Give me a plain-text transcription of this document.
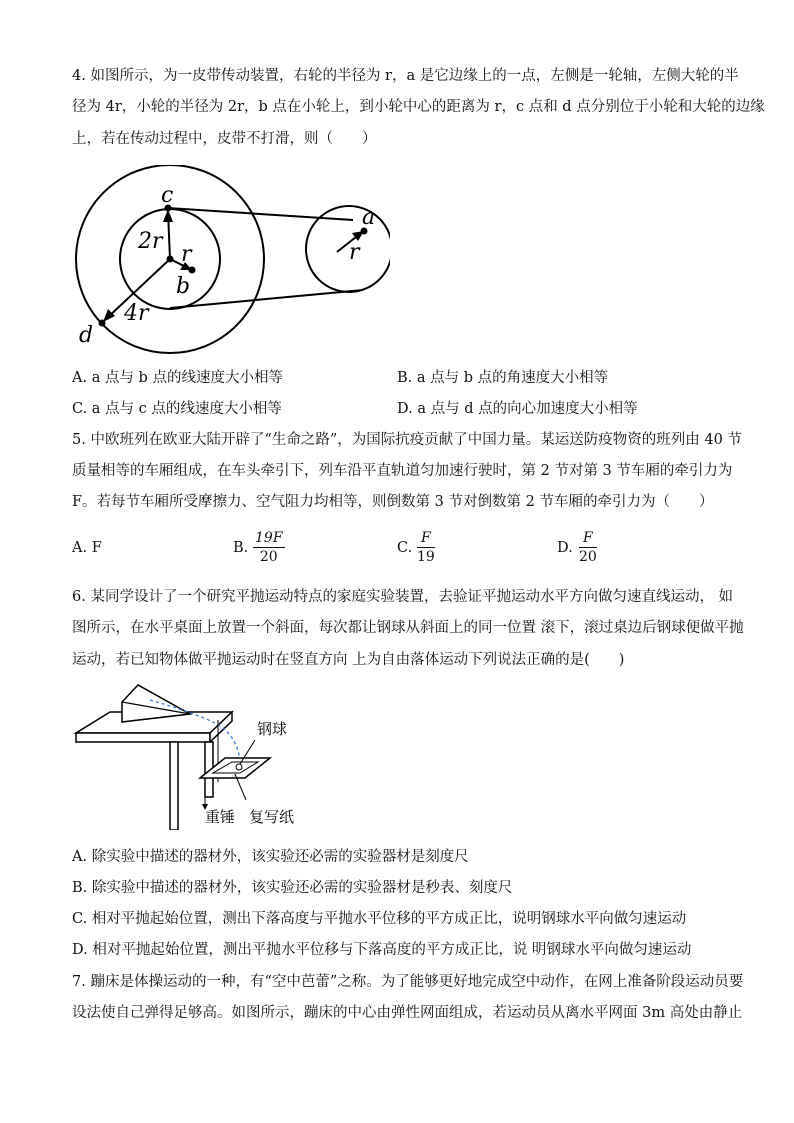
4. 如图所示，为一皮带传动装置，右轮的半径为 r，a 是它边缘上的一点，左侧是一轮轴，左侧大轮的半
径为 4r，小轮的半径为 2r，b 点在小轮上，到小轮中心的距离为 r，c 点和 d 点分别位于小轮和大轮的边缘
上，若在传动过程中，皮带不打滑，则（　　）
c
2r
r
b
4r
d
a
r
A. a 点与 b 点的线速度大小相等	B. a 点与 b 点的角速度大小相等
C. a 点与 c 点的线速度大小相等	D. a 点与 d 点的向心加速度大小相等
5. 中欧班列在欧亚大陆开辟了“生命之路”，为国际抗疫贡献了中国力量。某运送防疫物资的班列由 40 节
质量相等的车厢组成，在车头牵引下，列车沿平直轨道匀加速行驶时，第 2 节对第 3 节车厢的牵引力为
F。若每节车厢所受摩擦力、空气阻力均相等，则倒数第 3 节对倒数第 2 节车厢的牵引力为（　　）
A. F	B. $\frac{19F}{20}$	C. $\frac{F}{19}$	D. $\frac{F}{20}$
6. 某同学设计了一个研究平抛运动特点的家庭实验装置，去验证平抛运动水平方向做匀速直线运动， 如
图所示，在水平桌面上放置一个斜面，每次都让钢球从斜面上的同一位置 滚下，滚过桌边后钢球便做平抛
运动，若已知物体做平抛运动时在竖直方向 上为自由落体运动下列说法正确的是(　　)
钢球
重锤 复写纸
A. 除实验中描述的器材外，该实验还必需的实验器材是刻度尺
B. 除实验中描述的器材外，该实验还必需的实验器材是秒表、刻度尺
C. 相对平抛起始位置，测出下落高度与平抛水平位移的平方成正比，说明钢球水平向做匀速运动
D. 相对平抛起始位置，测出平抛水平位移与下落高度的平方成正比，说 明钢球水平向做匀速运动
7. 蹦床是体操运动的一种，有“空中芭蕾”之称。为了能够更好地完成空中动作，在网上准备阶段运动员要
设法使自己弹得足够高。如图所示，蹦床的中心由弹性网面组成，若运动员从离水平网面 3m 高处由静止
